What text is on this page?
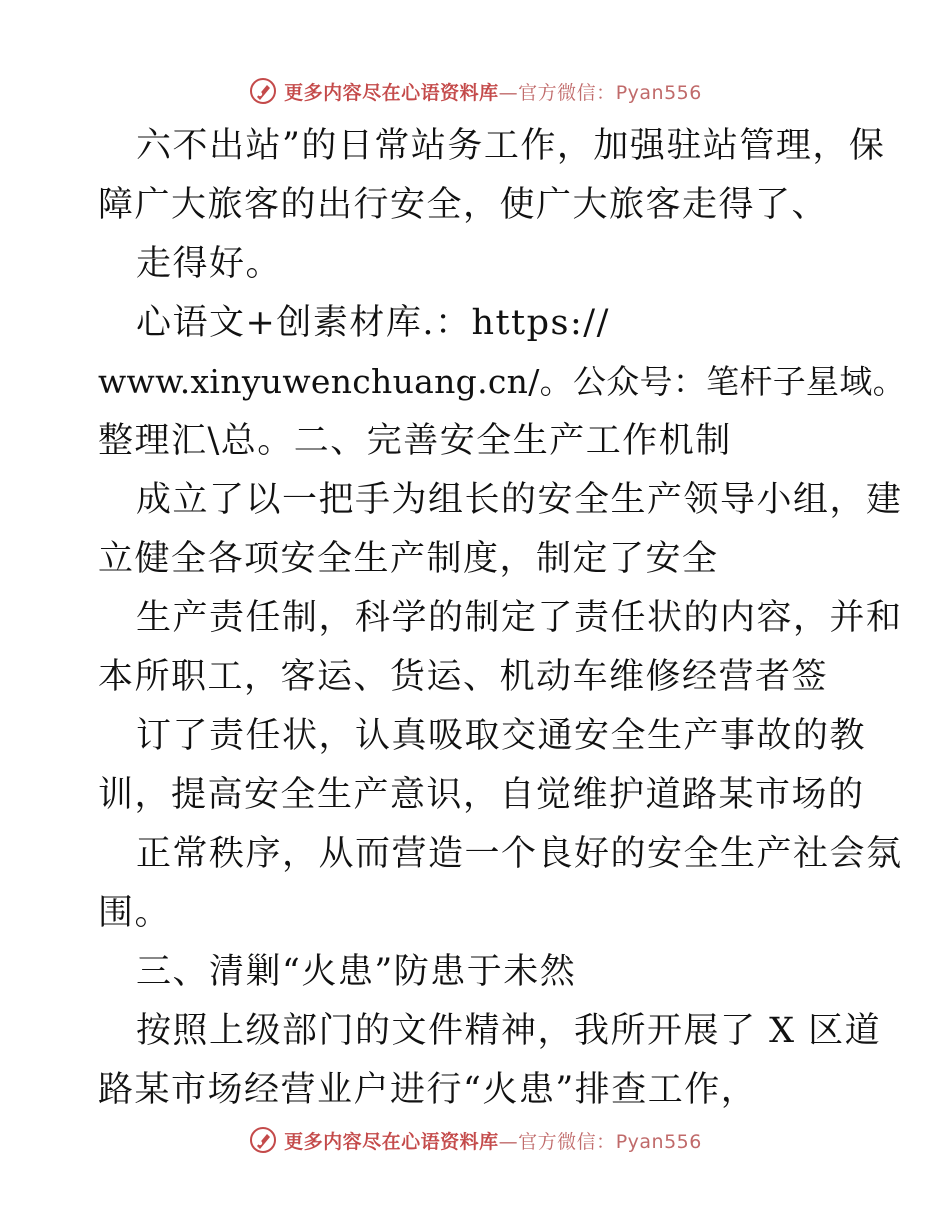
更多内容尽在心语资料库—官方微信：Pyan556
六不出站”的日常站务工作，加强驻站管理，保
障广大旅客的出行安全，使广大旅客走得了、
走得好。
心语文+创素材库.：https://
www.xinyuwenchuang.cn/。公众号：笔杆子星域。
整理汇\总。二、完善安全生产工作机制
成立了以一把手为组长的安全生产领导小组，建
立健全各项安全生产制度，制定了安全
生产责任制，科学的制定了责任状的内容，并和
本所职工，客运、货运、机动车维修经营者签
订了责任状，认真吸取交通安全生产事故的教
训，提高安全生产意识，自觉维护道路某市场的
正常秩序，从而营造一个良好的安全生产社会氛
围。
三、清剿“火患”防患于未然
按照上级部门的文件精神，我所开展了 X 区道
路某市场经营业户进行“火患”排查工作，
更多内容尽在心语资料库—官方微信：Pyan556
